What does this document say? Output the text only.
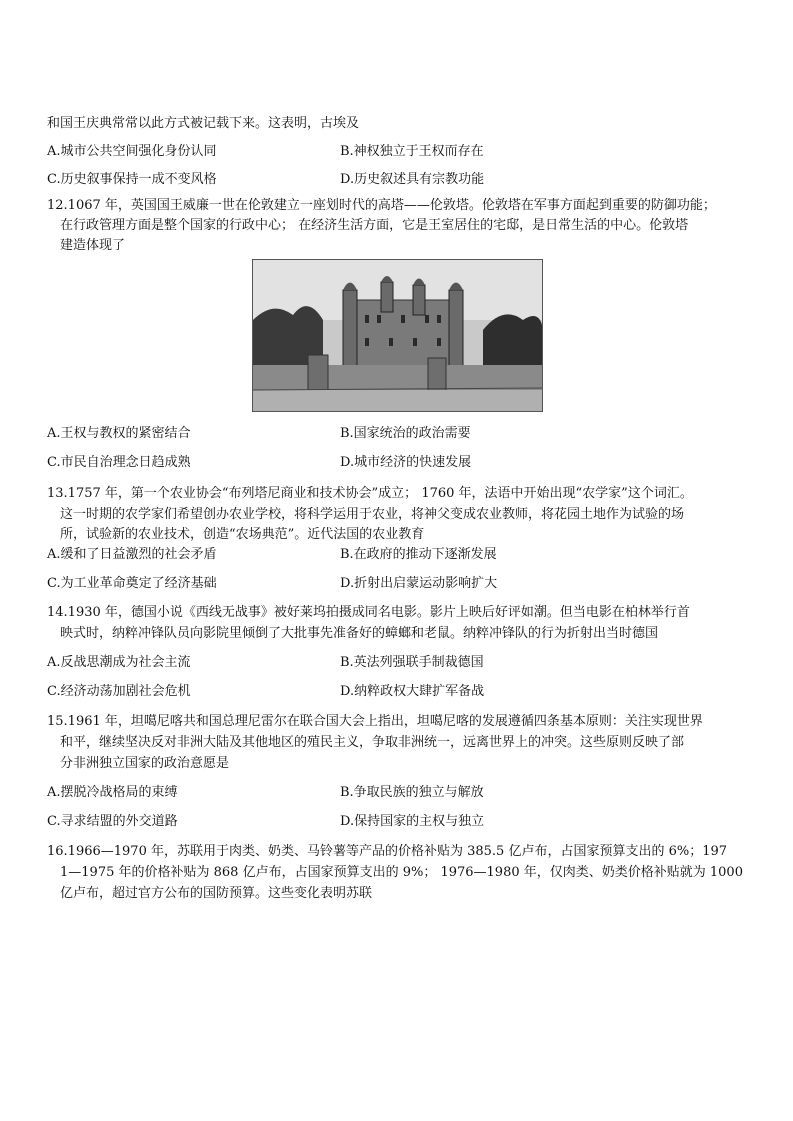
和国王庆典常常以此方式被记载下来。这表明，古埃及
A.城市公共空间强化身份认同	B.神权独立于王权而存在
C.历史叙事保持一成不变风格	D.历史叙述具有宗教功能
12.1067 年，英国国王威廉一世在伦敦建立一座划时代的高塔——伦敦塔。伦敦塔在军事方面起到重要的防御功能；
在行政管理方面是整个国家的行政中心； 在经济生活方面，它是王室居住的宅邸，是日常生活的中心。伦敦塔
建造体现了
A.王权与教权的紧密结合	B.国家统治的政治需要
C.市民自治理念日趋成熟	D.城市经济的快速发展
13.1757 年，第一个农业协会“布列塔尼商业和技术协会”成立； 1760 年，法语中开始出现“农学家”这个词汇。
这一时期的农学家们希望创办农业学校，将科学运用于农业，将神父变成农业教师，将花园土地作为试验的场
所，试验新的农业技术，创造“农场典范”。近代法国的农业教育
A.缓和了日益激烈的社会矛盾	B.在政府的推动下逐渐发展
C.为工业革命奠定了经济基础	D.折射出启蒙运动影响扩大
14.1930 年，德国小说《西线无战事》被好莱坞拍摄成同名电影。影片上映后好评如潮。但当电影在柏林举行首
映式时，纳粹冲锋队员向影院里倾倒了大批事先准备好的蟑螂和老鼠。纳粹冲锋队的行为折射出当时德国
A.反战思潮成为社会主流	B.英法列强联手制裁德国
C.经济动荡加剧社会危机	D.纳粹政权大肆扩军备战
15.1961 年，坦噶尼喀共和国总理尼雷尔在联合国大会上指出，坦噶尼喀的发展遵循四条基本原则：关注实现世界
和平，继续坚决反对非洲大陆及其他地区的殖民主义，争取非洲统一，远离世界上的冲突。这些原则反映了部
分非洲独立国家的政治意愿是
A.摆脱冷战格局的束缚	B.争取民族的独立与解放
C.寻求结盟的外交道路	D.保持国家的主权与独立
16.1966—1970 年，苏联用于肉类、奶类、马铃薯等产品的价格补贴为 385.5 亿卢布，占国家预算支出的 6%；197
1—1975 年的价格补贴为 868 亿卢布，占国家预算支出的 9%； 1976—1980 年，仅肉类、奶类价格补贴就为 1000
亿卢布，超过官方公布的国防预算。这些变化表明苏联
